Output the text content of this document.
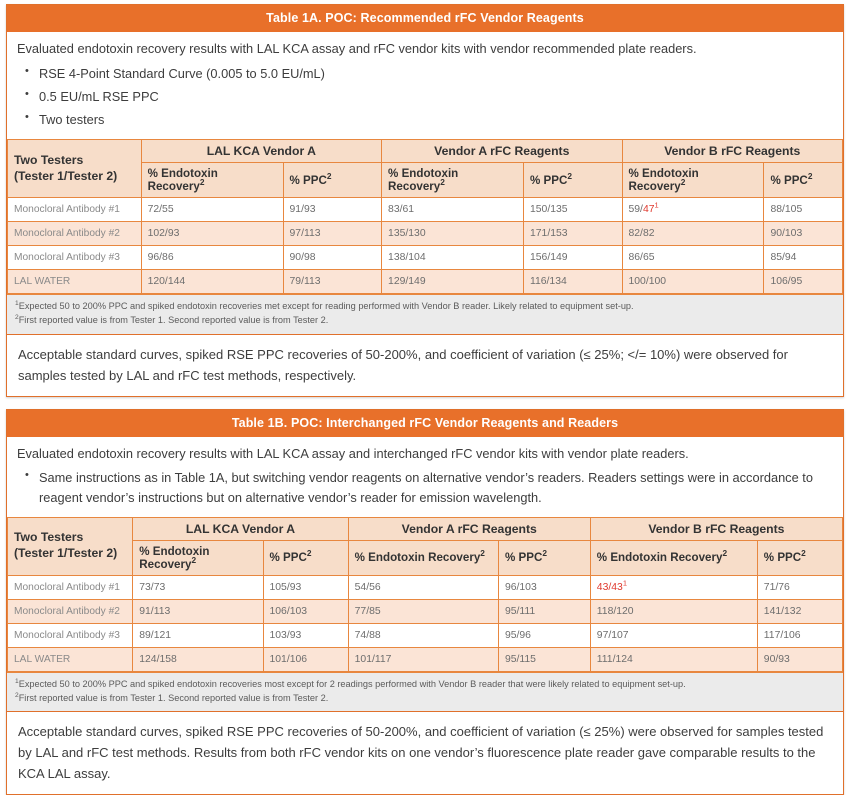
Table 1A. POC: Recommended rFC Vendor Reagents

Evaluated endotoxin recovery results with LAL KCA assay and rFC vendor kits with vendor recommended plate readers.

• RSE 4-Point Standard Curve (0.005 to 5.0 EU/mL)
• 0.5 EU/mL RSE PPC
• Two testers
Two Testers
(Tester 1/Tester 2)	LAL KCA Vendor A		Vendor A rFC Reagents		Vendor B rFC Reagents	
	% Endotoxin Recovery$^2$	% PPC$^2$	% Endotoxin Recovery$^2$	% PPC$^2$	% Endotoxin Recovery$^2$	% PPC$^2$
Monocloral Antibody #1	72/55	91/93	83/61	150/135	$59/47^1$	88/105
Monocloral Antibody #2	102/93	97/113	135/130	171/153	82/82	90/103
Monocloral Antibody #3	96/86	90/98	138/104	156/149	86/65	85/94
LAL WATER	120/144	79/113	129/149	116/134	100/100	106/95
$^1$Expected 50 to 200% PPC and spiked endotoxin recoveries met except for reading performed with Vendor B reader. Likely related to equipment set-up.
$^2$First reported value is from Tester 1. Second reported value is from Tester 2.
Acceptable standard curves, spiked RSE PPC recoveries of 50-200%, and coefficient of variation (≤ 25%; </= 10%) were observed for samples tested by LAL and rFC test methods, respectively.
Table 1B. POC: Interchanged rFC Vendor Reagents and Readers

Evaluated endotoxin recovery results with LAL KCA assay and interchanged rFC vendor kits with vendor plate readers.

• Same instructions as in Table 1A, but switching vendor reagents on alternative vendor’s readers. Readers settings were in accordance to reagent vendor’s instructions but on alternative vendor’s reader for emission wavelength.
Two Testers
(Tester 1/Tester 2)	LAL KCA Vendor A		Vendor A rFC Reagents		Vendor B rFC Reagents	
	% Endotoxin Recovery$^2$	% PPC$^2$	% Endotoxin Recovery$^2$	% PPC$^2$	% Endotoxin Recovery$^2$	% PPC$^2$
Monocloral Antibody #1	73/73	105/93	54/56	96/103	$43/43^1$	71/76
Monocloral Antibody #2	91/113	106/103	77/85	95/111	118/120	141/132
Monocloral Antibody #3	89/121	103/93	74/88	95/96	97/107	117/106
LAL WATER	124/158	101/106	101/117	95/115	111/124	90/93
$^1$Expected 50 to 200% PPC and spiked endotoxin recoveries most except for 2 readings performed with Vendor B reader that were likely related to equipment set-up.
$^2$First reported value is from Tester 1. Second reported value is from Tester 2.
Acceptable standard curves, spiked RSE PPC recoveries of 50-200%, and coefficient of variation (≤ 25%) were observed for samples tested by LAL and rFC test methods. Results from both rFC vendor kits on one vendor’s fluorescence plate reader gave comparable results to the KCA LAL assay.
